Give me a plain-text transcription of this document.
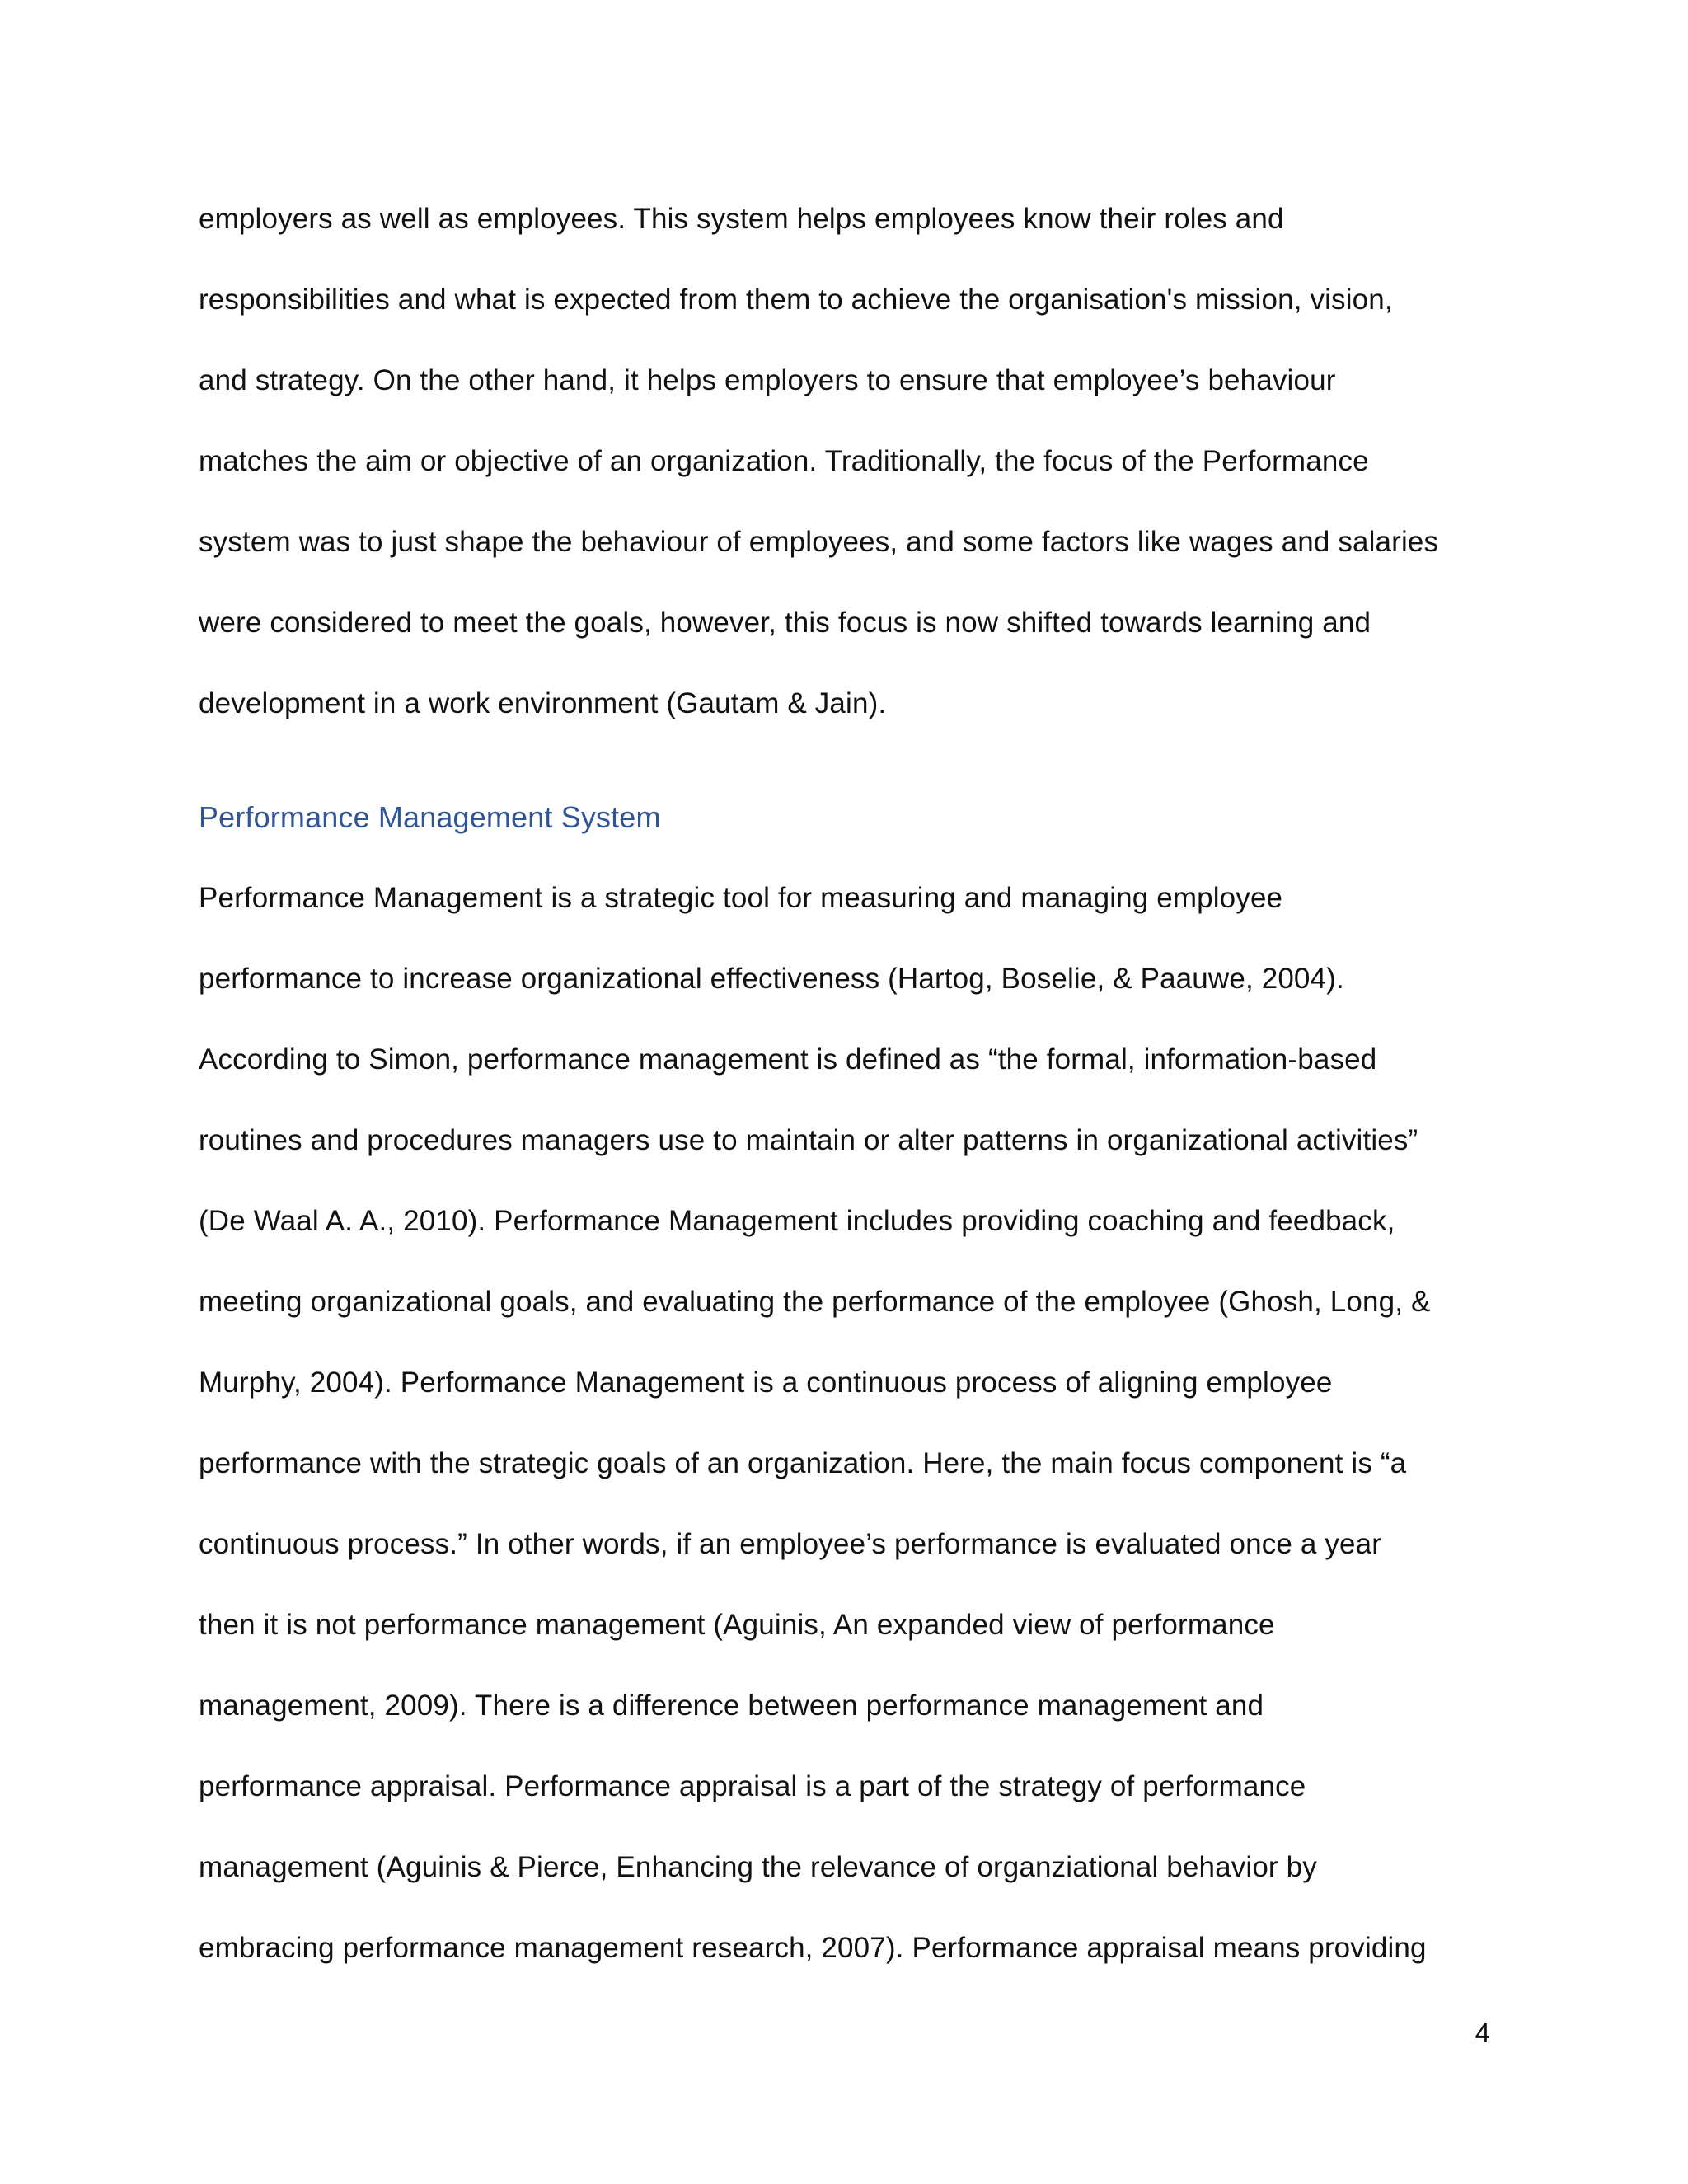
employers as well as employees. This system helps employees know their roles and
responsibilities and what is expected from them to achieve the organisation's mission, vision,
and strategy. On the other hand, it helps employers to ensure that employee’s behaviour
matches the aim or objective of an organization. Traditionally, the focus of the Performance
system was to just shape the behaviour of employees, and some factors like wages and salaries
were considered to meet the goals, however, this focus is now shifted towards learning and
development in a work environment (Gautam & Jain).
Performance Management System
Performance Management is a strategic tool for measuring and managing employee
performance to increase organizational effectiveness (Hartog, Boselie, & Paauwe, 2004).
According to Simon, performance management is defined as “the formal, information-based
routines and procedures managers use to maintain or alter patterns in organizational activities”
(De Waal A. A., 2010). Performance Management includes providing coaching and feedback,
meeting organizational goals, and evaluating the performance of the employee (Ghosh, Long, &
Murphy, 2004). Performance Management is a continuous process of aligning employee
performance with the strategic goals of an organization. Here, the main focus component is “a
continuous process.” In other words, if an employee’s performance is evaluated once a year
then it is not performance management (Aguinis, An expanded view of performance
management, 2009). There is a difference between performance management and
performance appraisal. Performance appraisal is a part of the strategy of performance
management (Aguinis & Pierce, Enhancing the relevance of organziational behavior by
embracing performance management research, 2007). Performance appraisal means providing
4
